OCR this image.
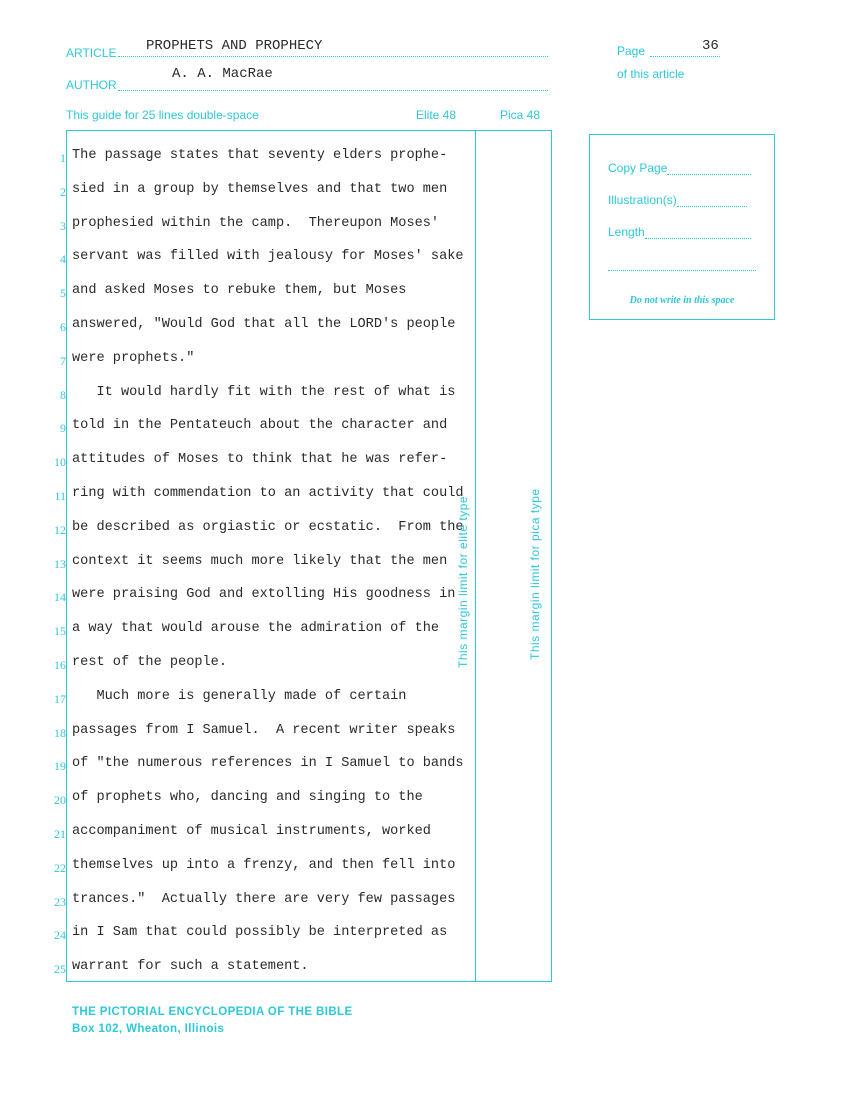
ARTICLE PROPHETS AND PROPHECY
AUTHOR
A. A. MacRae
Page	36
of this article
This guide for 25 lines double-space	Elite 48	Pica 48
1 The passage states that seventy elders prophe-
2 sied in a group by themselves and that two men
3 prophesied within the camp.  Thereupon Moses'
4 servant was filled with jealousy for Moses' sake
5 and asked Moses to rebuke them, but Moses
6 answered, "Would God that all the LORD's people
7 were prophets."
8 It would hardly fit with the rest of what is
9 told in the Pentateuch about the character and
10 attitudes of Moses to think that he was refer-
11 ring with commendation to an activity that could
12 be described as orgiastic or ecstatic.  From the
13 context it seems much more likely that the men
14 were praising God and extolling His goodness in
15 a way that would arouse the admiration of the
16 rest of the people.
17 Much more is generally made of certain
18 passages from I Samuel.  A recent writer speaks
19 of "the numerous references in I Samuel to bands
20 of prophets who, dancing and singing to the
21 accompaniment of musical instruments, worked
22 themselves up into a frenzy, and then fell into
23 trances."  Actually there are very few passages
24 in I Sam that could possibly be interpreted as
25 warrant for such a statement.
This margin limit for elite type	This margin limit for pica type
Copy Page
Illustration(s)
Length
Do not write in this space
THE PICTORIAL ENCYCLOPEDIA OF THE BIBLE
Box 102, Wheaton, Illinois
